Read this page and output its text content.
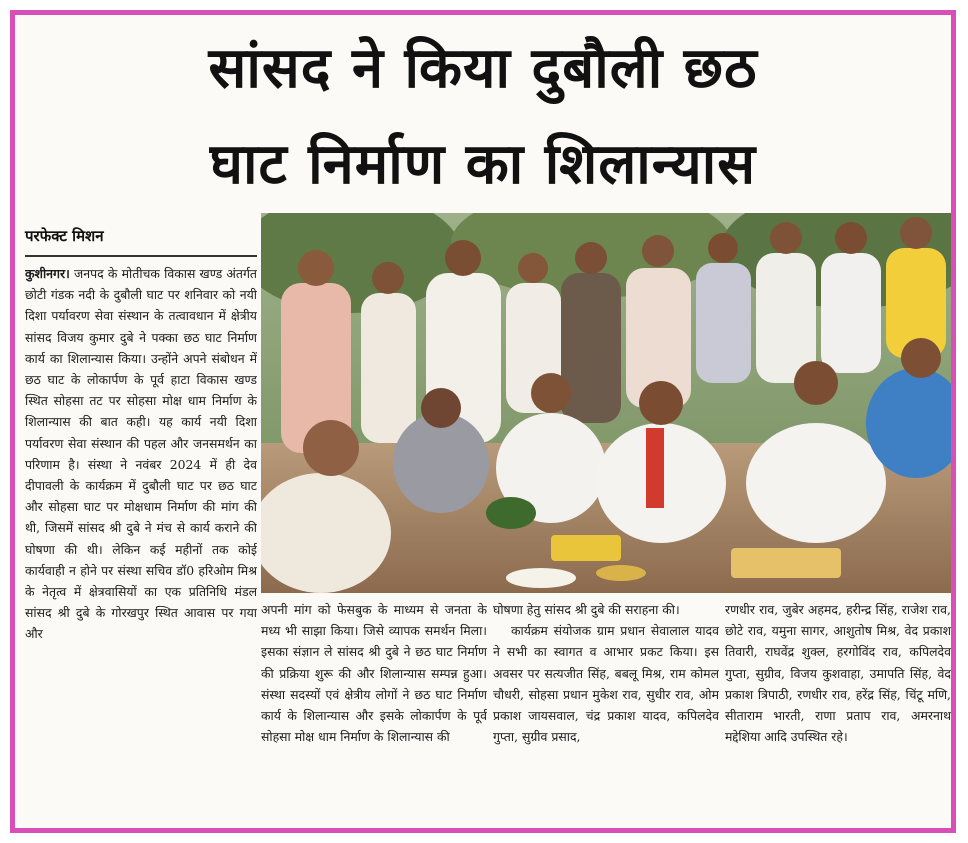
सांसद ने किया दुबौली छठ
घाट निर्माण का शिलान्यास
परफेक्ट मिशन

कुशीनगर। जनपद के मोतीचक विकास खण्ड अंतर्गत छोटी गंडक नदी के दुबौली घाट पर शनिवार को नयी दिशा पर्यावरण सेवा संस्थान के तत्वावधान में क्षेत्रीय सांसद विजय कुमार दुबे ने पक्का छठ घाट निर्माण कार्य का शिलान्यास किया। उन्होंने अपने संबोधन में छठ घाट के लोकार्पण के पूर्व हाटा विकास खण्ड स्थित सोहसा तट पर सोहसा मोक्ष धाम निर्माण के शिलान्यास की बात कही। यह कार्य नयी दिशा पर्यावरण सेवा संस्थान की पहल और जनसमर्थन का परिणाम है। संस्था ने नवंबर 2024 में ही देव दीपावली के कार्यक्रम में दुबौली घाट पर छठ घाट और सोहसा घाट पर मोक्षधाम निर्माण की मांग की थी, जिसमें सांसद श्री दुबे ने मंच से कार्य कराने की घोषणा की थी। लेकिन कई महीनों तक कोई कार्यवाही न होने पर संस्था सचिव डॉ0 हरिओम मिश्र के नेतृत्व में क्षेत्रवासियों का एक प्रतिनिधि मंडल सांसद श्री दुबे के गोरखपुर स्थित आवास पर गया और

अपनी मांग को फेसबुक के माध्यम से जनता के मध्य भी साझा किया। जिसे व्यापक समर्थन मिला। इसका संज्ञान ले सांसद श्री दुबे ने छठ घाट निर्माण की प्रक्रिया शुरू की और शिलान्यास सम्पन्न हुआ। संस्था सदस्यों एवं क्षेत्रीय लोगों ने छठ घाट निर्माण कार्य के शिलान्यास और इसके लोकार्पण के पूर्व सोहसा मोक्ष धाम निर्माण के शिलान्यास की

घोषणा हेतु सांसद श्री दुबे की सराहना की।

कार्यक्रम संयोजक ग्राम प्रधान सेवालाल यादव ने सभी का स्वागत व आभार प्रकट किया। इस अवसर पर सत्यजीत सिंह, बबलू मिश्र, राम कोमल चौधरी, सोहसा प्रधान मुकेश राव, सुधीर राव, ओम प्रकाश जायसवाल, चंद्र प्रकाश यादव, कपिलदेव गुप्ता, सुग्रीव प्रसाद,

रणधीर राव, जुबेर अहमद, हरीन्द्र सिंह, राजेश राव, छोटे राव, यमुना सागर, आशुतोष मिश्र, वेद प्रकाश तिवारी, राघवेंद्र शुक्ल, हरगोविंद राव, कपिलदेव गुप्ता, सुग्रीव, विजय कुशवाहा, उमापति सिंह, वेद प्रकाश त्रिपाठी, रणधीर राव, हरेंद्र सिंह, चिंटू मणि, सीताराम भारती, राणा प्रताप राव, अमरनाथ मद्देशिया आदि उपस्थित रहे।
